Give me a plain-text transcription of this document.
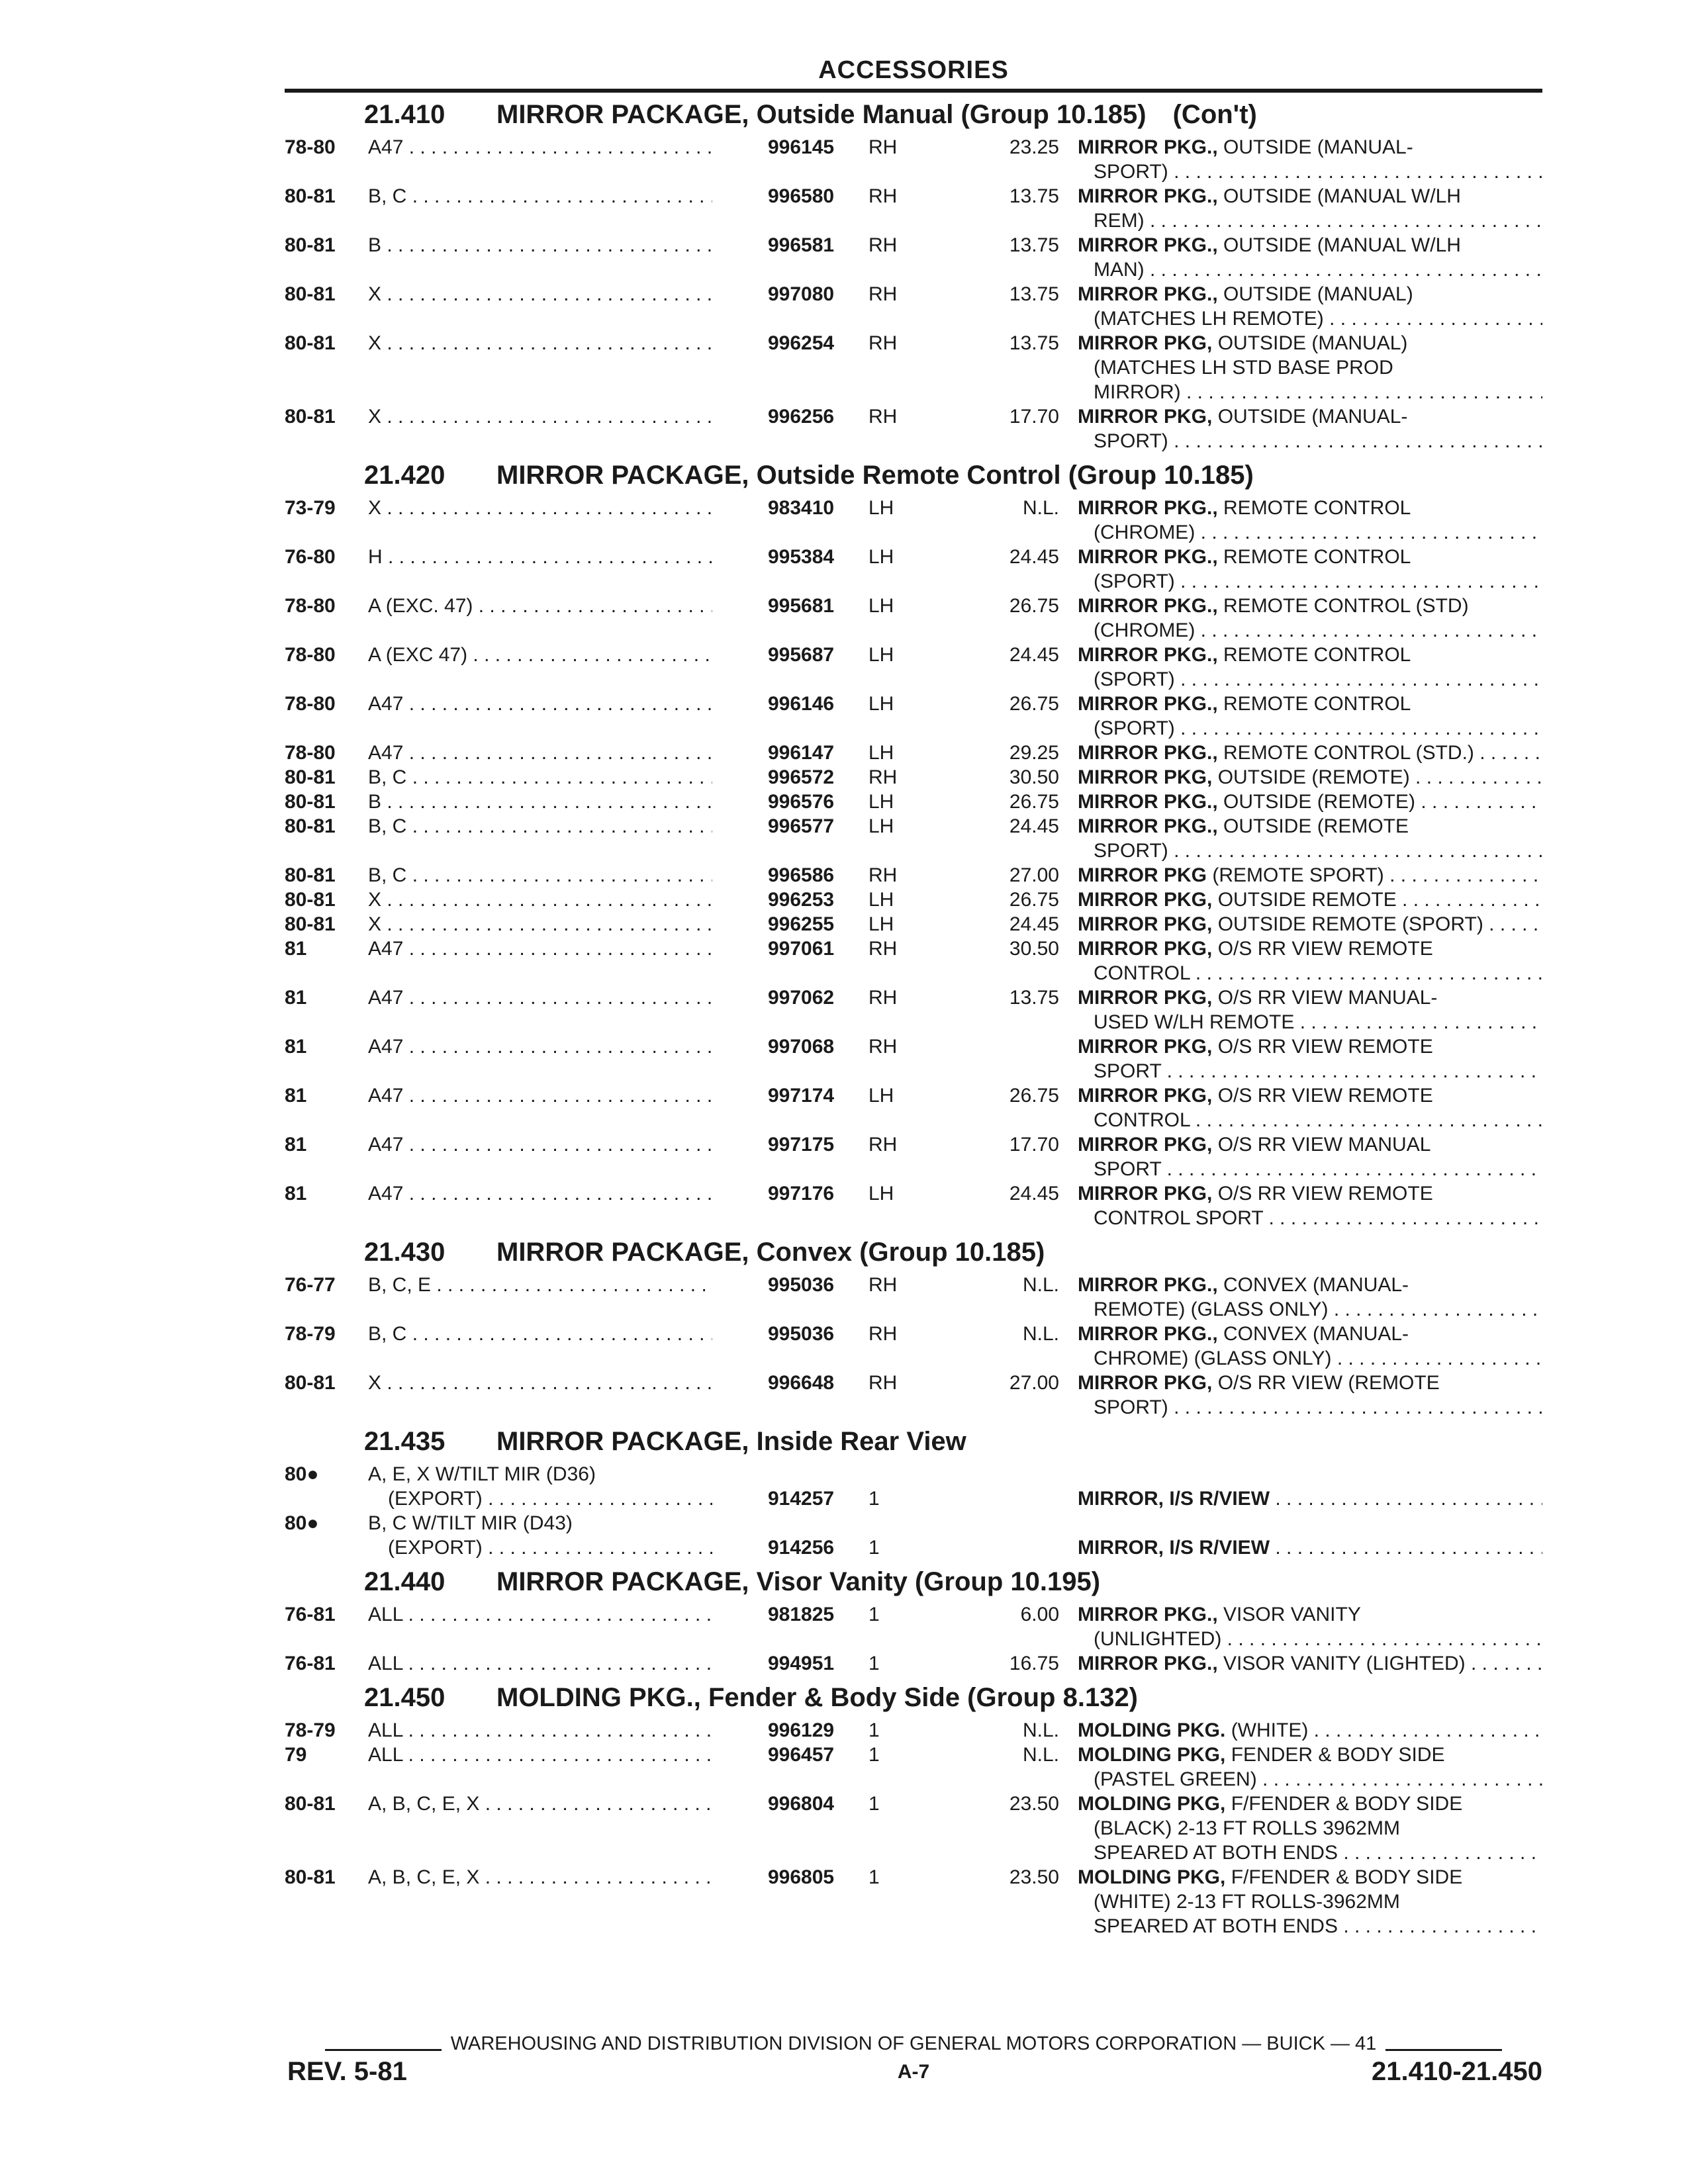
ACCESSORIES
21.410 MIRROR PACKAGE, Outside Manual (Group 10.185) (Con't)
78-80 A47 . . .	996145 RH	23.25 MIRROR PKG., OUTSIDE (MANUAL-
SPORT) . . .
80-81 B, C . . .	996580 RH	13.75 MIRROR PKG., OUTSIDE (MANUAL W/LH
REM) . . .
80-81 B . . .	996581 RH	13.75 MIRROR PKG., OUTSIDE (MANUAL W/LH
MAN) . . .
80-81 X . . .	997080 RH	13.75 MIRROR PKG., OUTSIDE (MANUAL)
(MATCHES LH REMOTE) . . .
80-81 X . . .	996254 RH	13.75 MIRROR PKG, OUTSIDE (MANUAL)
(MATCHES LH STD BASE PROD
MIRROR) . . .
80-81 X . . .	996256 RH	17.70 MIRROR PKG, OUTSIDE (MANUAL-
SPORT) . . .
21.420 MIRROR PACKAGE, Outside Remote Control (Group 10.185)
73-79 X . . .	983410 LH	N.L. MIRROR PKG., REMOTE CONTROL
(CHROME) . . .
76-80 H . . .	995384 LH	24.45 MIRROR PKG., REMOTE CONTROL
(SPORT) . . .
78-80 A (EXC. 47) . . .	995681 LH	26.75 MIRROR PKG., REMOTE CONTROL (STD)
(CHROME) . . .
78-80 A (EXC 47) . . .	995687 LH	24.45 MIRROR PKG., REMOTE CONTROL
(SPORT) . . .
78-80 A47 . . .	996146 LH	26.75 MIRROR PKG., REMOTE CONTROL
(SPORT) . . .
78-80 A47 . . .	996147 LH	29.25 MIRROR PKG., REMOTE CONTROL (STD.) . . .
80-81 B, C . . .	996572 RH	30.50 MIRROR PKG, OUTSIDE (REMOTE) . . .
80-81 B . . .	996576 LH	26.75 MIRROR PKG., OUTSIDE (REMOTE) . . .
80-81 B, C . . .	996577 LH	24.45 MIRROR PKG., OUTSIDE (REMOTE
SPORT) . . .
80-81 B, C . . .	996586 RH	27.00 MIRROR PKG (REMOTE SPORT) . . .
80-81 X . . .	996253 LH	26.75 MIRROR PKG, OUTSIDE REMOTE . . .
80-81 X . . .	996255 LH	24.45 MIRROR PKG, OUTSIDE REMOTE (SPORT) . . .
81	A47 . . .	997061 RH	30.50 MIRROR PKG, O/S RR VIEW REMOTE
CONTROL . . .
81	A47 . . .	997062 RH	13.75 MIRROR PKG, O/S RR VIEW MANUAL-
USED W/LH REMOTE . . .
81	A47 . . .	997068 RH	MIRROR PKG, O/S RR VIEW REMOTE
SPORT . . .
81	A47 . . .	997174 LH	26.75 MIRROR PKG, O/S RR VIEW REMOTE
CONTROL . . .
81	A47 . . .	997175 RH	17.70 MIRROR PKG, O/S RR VIEW MANUAL
SPORT . . .
81	A47 . . .	997176 LH	24.45 MIRROR PKG, O/S RR VIEW REMOTE
CONTROL SPORT . . .
21.430 MIRROR PACKAGE, Convex (Group 10.185)
76-77 B, C, E . . .	995036 RH	N.L. MIRROR PKG., CONVEX (MANUAL-
REMOTE) (GLASS ONLY) . . .
78-79 B, C . . .	995036 RH	N.L. MIRROR PKG., CONVEX (MANUAL-
CHROME) (GLASS ONLY) . . .
80-81 X . . .	996648 RH	27.00 MIRROR PKG, O/S RR VIEW (REMOTE
SPORT) . . .
21.435 MIRROR PACKAGE, Inside Rear View
80● A, E, X W/TILT MIR (D36)
(EXPORT) . . .	914257 1	MIRROR, I/S R/VIEW . . .
80● B, C W/TILT MIR (D43)
(EXPORT) . . .	914256 1	MIRROR, I/S R/VIEW . . .
21.440 MIRROR PACKAGE, Visor Vanity (Group 10.195)
76-81 ALL . . .	981825 1	6.00 MIRROR PKG., VISOR VANITY
(UNLIGHTED) . . .
76-81 ALL . . .	994951 1	16.75 MIRROR PKG., VISOR VANITY (LIGHTED) . . .
21.450 MOLDING PKG., Fender & Body Side (Group 8.132)
78-79 ALL . . .	996129 1	N.L. MOLDING PKG. (WHITE) . . .
79	ALL . . .	996457 1	N.L. MOLDING PKG, FENDER & BODY SIDE
(PASTEL GREEN) . . .
80-81 A, B, C, E, X . . .	996804 1	23.50 MOLDING PKG, F/FENDER & BODY SIDE
(BLACK) 2-13 FT ROLLS 3962MM
SPEARED AT BOTH ENDS . . .
80-81 A, B, C, E, X . . .	996805 1	23.50 MOLDING PKG, F/FENDER & BODY SIDE
(WHITE) 2-13 FT ROLLS-3962MM
SPEARED AT BOTH ENDS . . .
WAREHOUSING AND DISTRIBUTION DIVISION OF GENERAL MOTORS CORPORATION — BUICK — 41
REV. 5-81	A-7	21.410-21.450
